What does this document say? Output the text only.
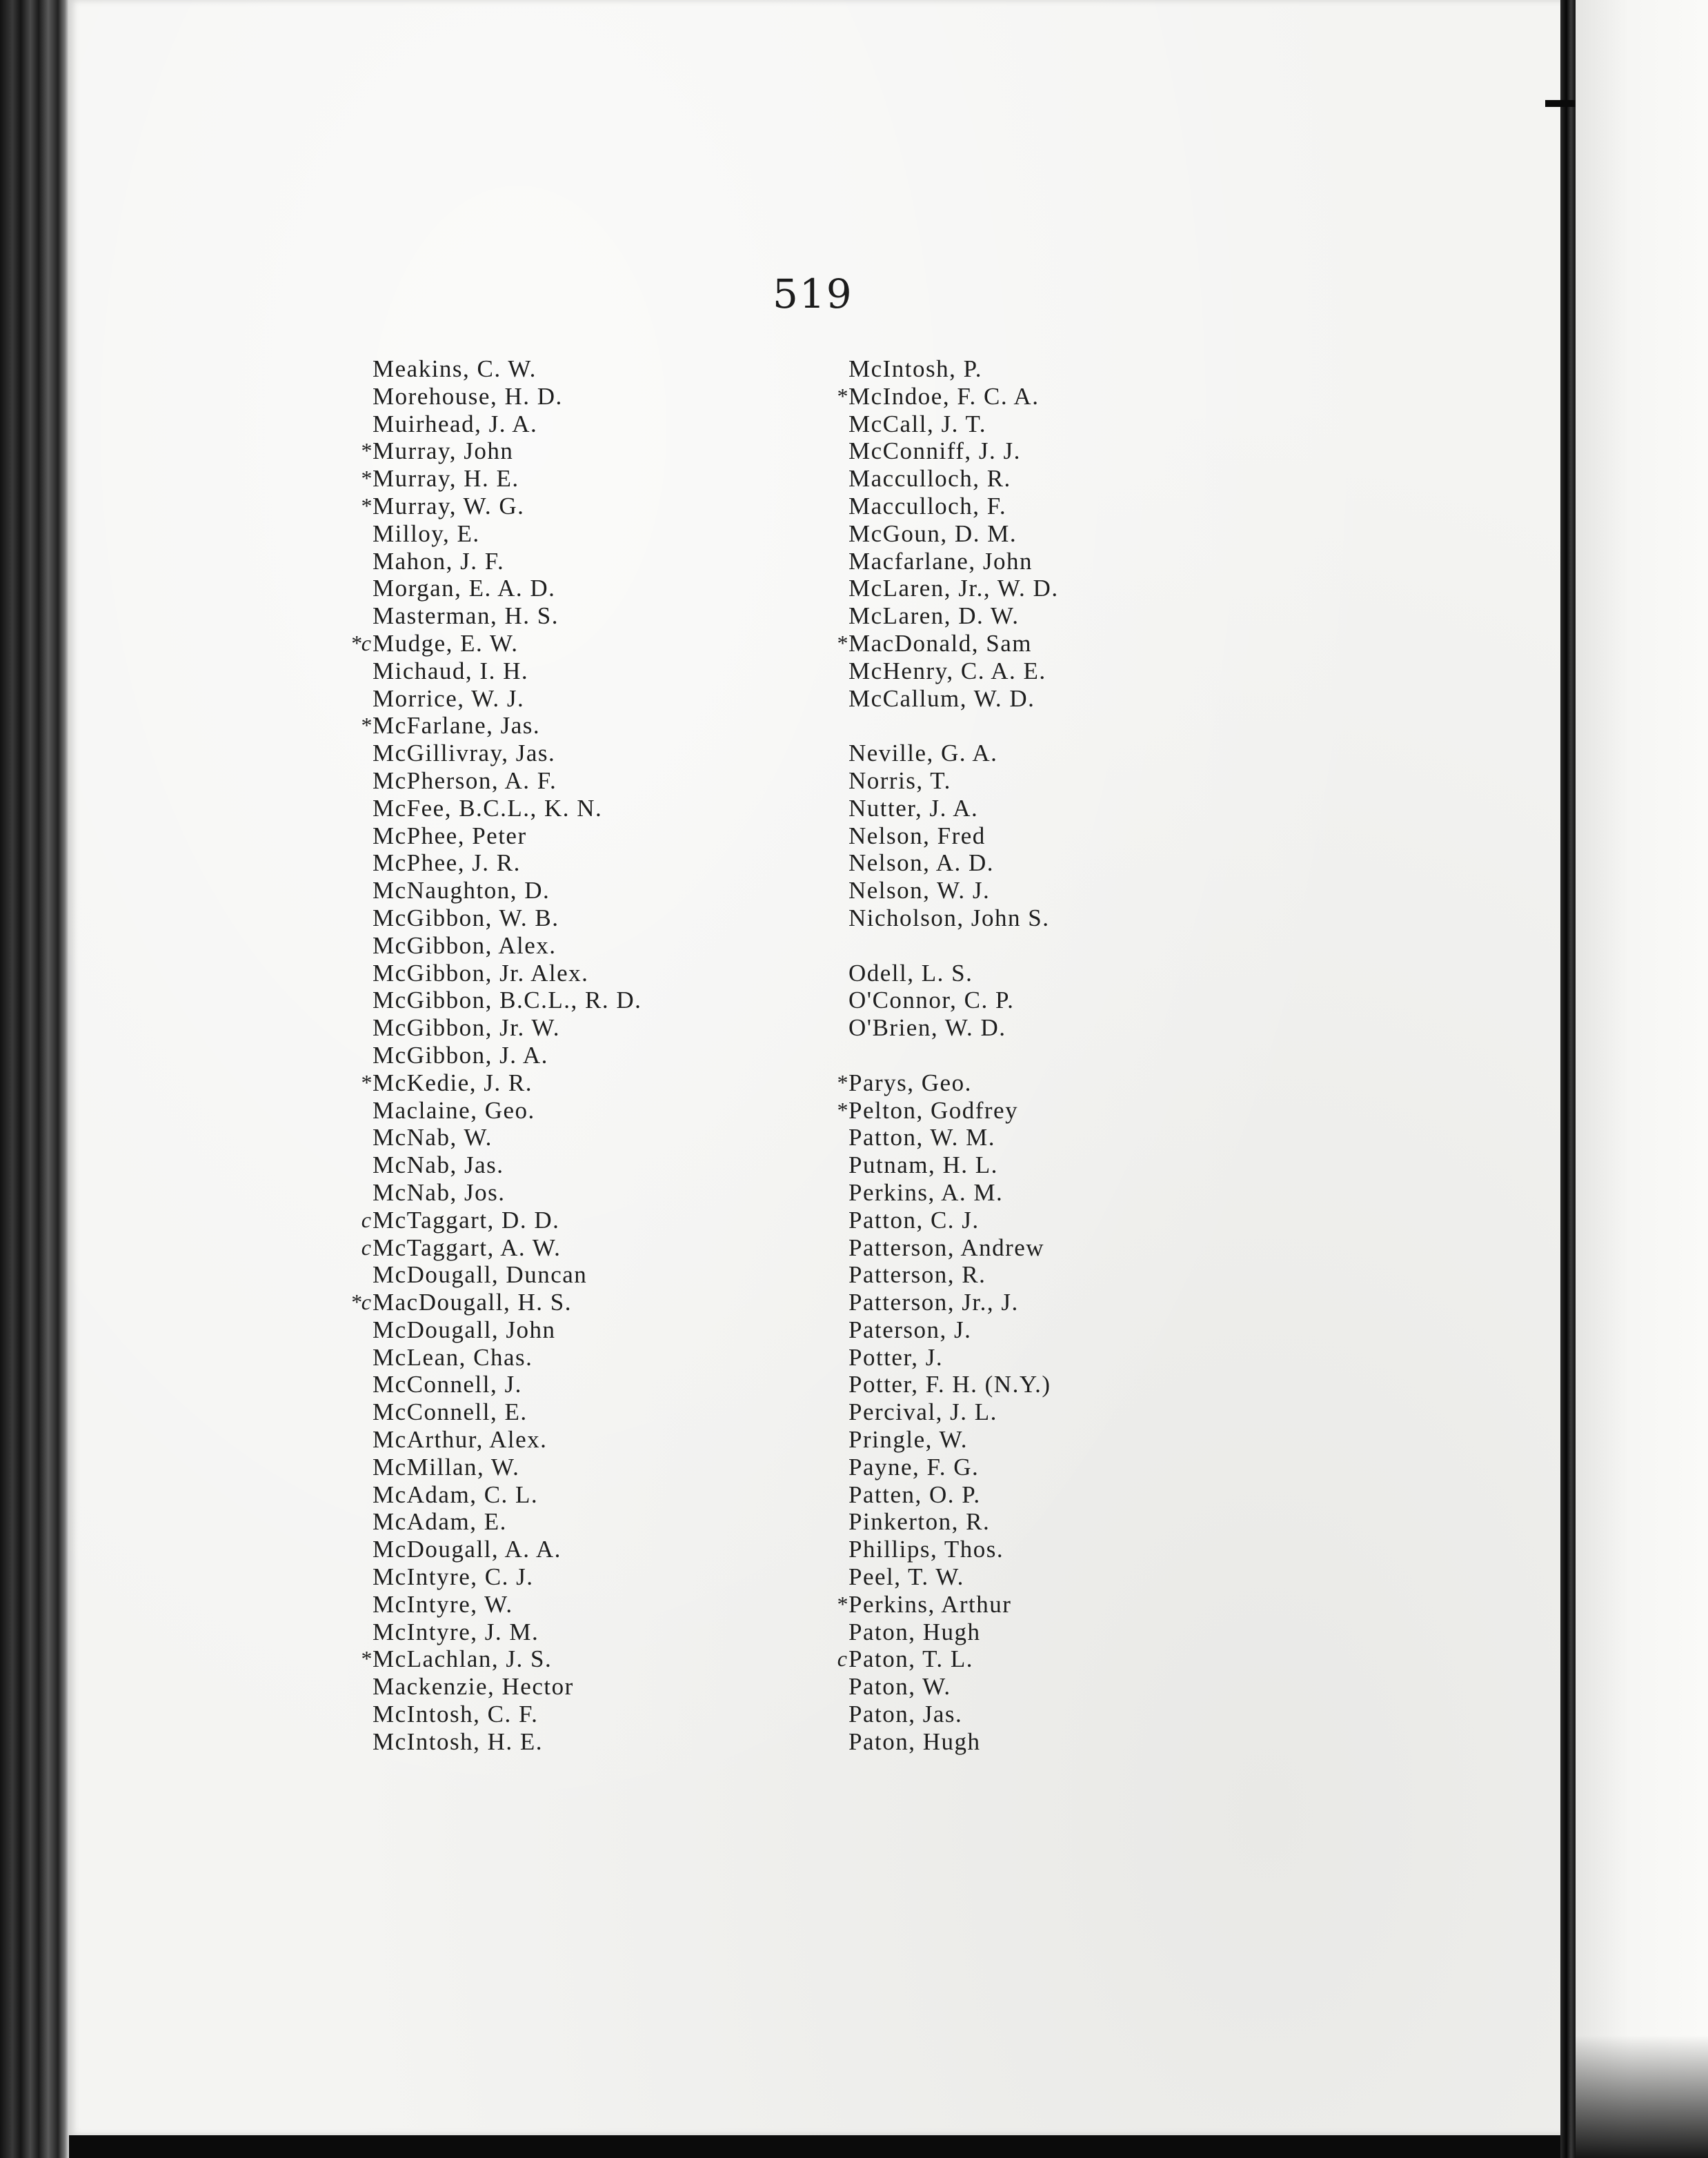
519
Meakins, C. W.
Morehouse, H. D.
Muirhead, J. A.
* Murray, John
* Murray, H. E.
* Murray, W. G.
Milloy, E.
Mahon, J. F.
Morgan, E. A. D.
Masterman, H. S.
*c Mudge, E. W.
Michaud, I. H.
Morrice, W. J.
* McFarlane, Jas.
McGillivray, Jas.
McPherson, A. F.
McFee, B.C.L., K. N.
McPhee, Peter
McPhee, J. R.
McNaughton, D.
McGibbon, W. B.
McGibbon, Alex.
McGibbon, Jr. Alex.
McGibbon, B.C.L., R. D.
McGibbon, Jr. W.
McGibbon, J. A.
* McKedie, J. R.
Maclaine, Geo.
McNab, W.
McNab, Jas.
McNab, Jos.
c McTaggart, D. D.
c McTaggart, A. W.
McDougall, Duncan
*c MacDougall, H. S.
McDougall, John
McLean, Chas.
McConnell, J.
McConnell, E.
McArthur, Alex.
McMillan, W.
McAdam, C. L.
McAdam, E.
McDougall, A. A.
McIntyre, C. J.
McIntyre, W.
McIntyre, J. M.
* McLachlan, J. S.
Mackenzie, Hector
McIntosh, C. F.
McIntosh, H. E.
McIntosh, P.
* McIndoe, F. C. A.
McCall, J. T.
McConniff, J. J.
Macculloch, R.
Macculloch, F.
McGoun, D. M.
Macfarlane, John
McLaren, Jr., W. D.
McLaren, D. W.
* MacDonald, Sam
McHenry, C. A. E.
McCallum, W. D.
Neville, G. A.
Norris, T.
Nutter, J. A.
Nelson, Fred
Nelson, A. D.
Nelson, W. J.
Nicholson, John S.
Odell, L. S.
O'Connor, C. P.
O'Brien, W. D.
* Parys, Geo.
* Pelton, Godfrey
Patton, W. M.
Putnam, H. L.
Perkins, A. M.
Patton, C. J.
Patterson, Andrew
Patterson, R.
Patterson, Jr., J.
Paterson, J.
Potter, J.
Potter, F. H. (N.Y.)
Percival, J. L.
Pringle, W.
Payne, F. G.
Patten, O. P.
Pinkerton, R.
Phillips, Thos.
Peel, T. W.
* Perkins, Arthur
Paton, Hugh
c Paton, T. L.
Paton, W.
Paton, Jas.
Paton, Hugh
